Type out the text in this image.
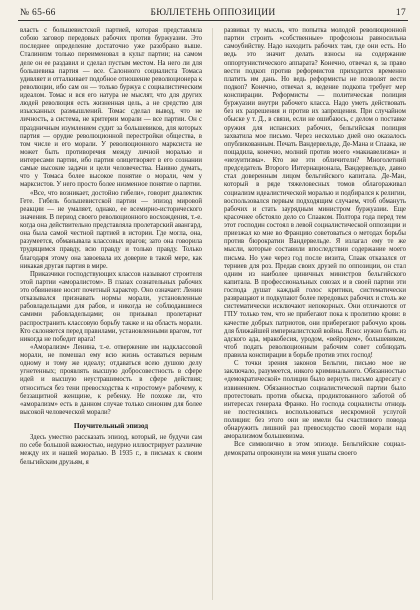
№ 65-66	БЮЛЛЕТЕНЬ ОППОЗИЦИИ	17

власть с большевистской партией, которая представляла собою заговор передовых рабочих против буржуазии. Это последнее определение достаточно уже разобрано выше. Сталинизм только переименовал в культ партии; на самом деле он ее раздавил и сделал пустым местом. На него ли для большевика партия — все. Салонного социалиста Томаса удивляет и отталкивает подобное отношение революционера к революции, ибо сам он — только буржуа с социалистическим идеалом. Томас и вся его натура не мыслят, что для других людей революция есть жизненная цель, а не средство для изысканных размышлений. Томас сделал вывод, что не личность, а система, не критерии морали — все партии. Он с праздничным изумлением судит за большевиков, для которых партия — орудие революционной перестройки общества, в том числе и его морали. У революционного марксиста не может быть противоречия между личной моралью и интересами партии, ибо партия олицетворяет в его сознании самые высокие задачи и цели человечества. Наивно думать, что у Томаса более высокое понятие о морали, чем у марксистов. У него просто более низменное понятие о партии.

«Все, что возникает, достойно гибели», говорит диалектик Гете. Гибель большевистской партии — эпизод мировой реакции — не умаляет, однако, ее всемирно-исторического значения. В период своего революционного восхождения, т.-е. когда она действительно представляла пролетарский авангард, она была самой честной партией в истории. Где могла, она, разумеется, обманывала классовых врагов; зато она говорила трудящимся правду, всю правду и только правду. Только благодаря этому она завоевала их доверие в такой мере, как никакая другая партия в мире.

Приказчики господствующих классов называют строителя этой партии «аморалистом». В глазах сознательных рабочих это обвинение носит почетный характер. Оно означает: Ленин отказывался признавать нормы морали, установленные рабовладельцами для рабов, и никогда не соблюдавшиеся самими рабовладельцами; он призывал пролетариат распространить классовую борьбу также и на область морали. Кто склоняется перед правилами, установленными врагом, тот никогда не победит врага!

«Аморализм» Ленина, т.-е. отвержение им надклассовой морали, не помешал ему всю жизнь оставаться верным одному и тому же идеалу; отдаваться всею душою делу угнетенных; проявлять высшую добросовестность в сфере идей и высшую неустрашимость в сфере действия; относиться без тени превосходства к «простому» рабочему, к беззащитной женщине, к ребенку. Не похоже ли, что «аморализм» есть в данном случае только синоним для более высокой человеческой морали?

Поучительный эпизод

Здесь уместно рассказать эпизод, который, не будучи сам по себе большой важностью, недурно иллюстрирует различие между их и нашей моралью. В 1935 г., в письмах к своим бельгийским друзьям, я

развивал ту мысль, что попытка молодой революционной партии строить «собственные» профсоюзы равносильна самоубийству. Надо находить рабочих там, где они есть. Но ведь это значит делать взносы на содержание оппортунистического аппарата? Конечно, отвечал я, за право вести подкоп против реформистов приходится временно платить им дань. Но ведь реформисты не позволят вести подкоп? Конечно, отвечал я, ведение подкопа требует мер конспирации. Реформисты — политическая полиция буржуазии внутри рабочего класса. Надо уметь действовать без их разрешения и против их запрещения. При случайном обыске у т. Д., в связи, если не ошибаюсь, с делом о поставке оружия для испанских рабочих, бельгийская полиция захватила мое письмо. Через несколько дней оно оказалось опубликованным. Печать Вандервельде, Де-Мана и Спаака, не пощадила, конечно, молний против моего «макиавелизма» и «иезуитизма». Кто же эти обличители? Многолетний председатель Второго Интернационала, Вандервельде, давно стал доверенным лицом бельгийского капитала. Де-Ман, который в ряде тяжеловесных томов облагораживал социализм идеалистической моралью и подбирался к религии, воспользовался первым подходящим случаем, чтоб обмануть рабочих и стать заурядным министром буржуазии. Еще красочнее обстояло дело со Спааком. Полтора года перед тем этот господин состоял в левой социалистической оппозиции и приезжал ко мне во Францию советоваться о методах борьбы против бюрократии Вандервельде. Я излагал ему те же мысли, которые составили впоследствии содержание моего письма. Но уже через год после визита, Спаак отказался от терниев для роз. Предав своих друзей по оппозиции, он стал одним из наиболее циничных министров бельгийского капитала. В профессиональных союзах и в своей партии эти господа душат каждый голос критики, систематически развращают и подкупают более передовых рабочих и столь же систематически исключают непокорных. Они отличаются от ГПУ только тем, что не прибегают пока к пролитию крови: в качестве добрых патриотов, они приберегают рабочую кровь для ближайшей империалистской войны. Ясно: нужно быть из адского ада, мракобесия, уродом, «вейроцем», большевиком, чтоб подать революционным рабочим совет соблюдать правила конспирации в борьбе против этих господ!

С точки зрения законов Бельгии, письмо мое не заключало, разумеется, никого криминального. Обязанностью «демократической» полиции было вернуть письмо адресату с извинением. Обязанностью социалистической партии было протестовать против обыска, продиктованного заботой об интересах генерала Франко. Но господа социалисты отнюдь не постеснялись воспользоваться нескромной услугой полиции: без этого они не имели бы счастливого повода обнаружить лишний раз превосходство своей морали над аморализмом большевизма.

Все символично в этом эпизоде. Бельгийские социал-демократы опрокинули на меня ушаты своего
